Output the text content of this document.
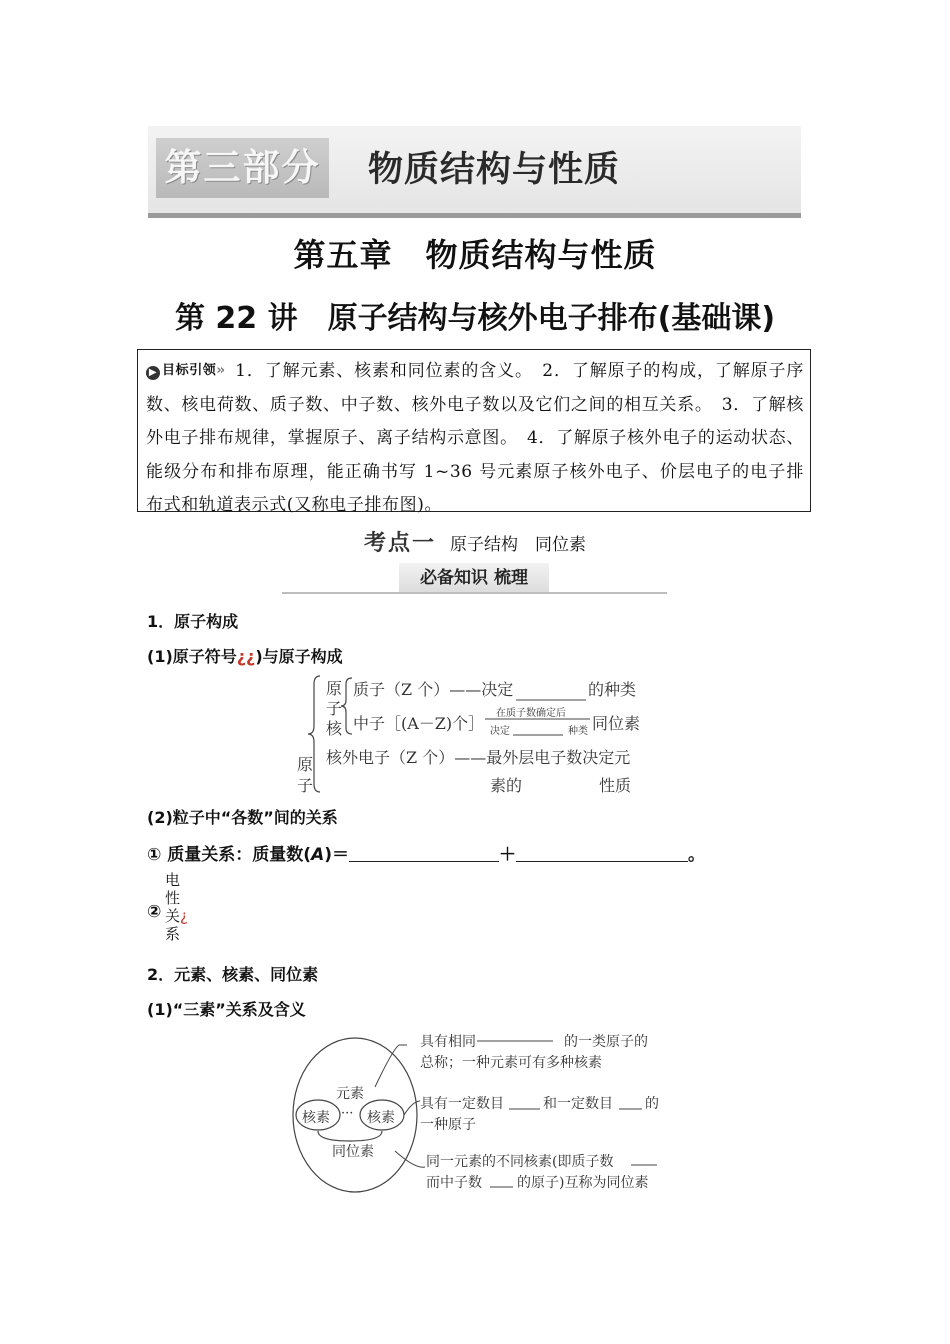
第三部分 物质结构与性质
第五章　物质结构与性质
第 22 讲　原子结构与核外电子排布(基础课)

▶ 目标引领›› 1．了解元素、核素和同位素的含义。　2．了解原子的构成，了解原子序数、核电荷数、质子数、中子数、核外电子数以及它们之间的相互关系。　3．了解核外电子排布规律，掌握原子、离子结构示意图。　4．了解原子核外电子的运动状态、能级分布和排布原理，能正确书写 1~36 号元素原子核外电子、价层电子的电子排布式和轨道表示式(又称电子排布图)。

考点一 原子结构　同位素
必备知识 梳理
1．原子构成
(1)原子符号¿¿)与原子构成
原
子
核
质子（Z 个）——决定	的种类
中子［(A－Z)个］
在质子数确定后
决定	种类 同位素
核外电子（Z 个）——最外层电子数决定元
素的	性质
原
子
(2)粒子中“各数”间的关系
① 质量关系：质量数(A)＝	＋	。
②
电
性
关¿
系
2．元素、核素、同位素
(1)“三素”关系及含义
元素
核素 ··· 核素
同位素
具有相同	的一类原子的
总称；一种元素可有多种核素
具有一定数目	和一定数目 的
一种原子
同一元素的不同核素(即质子数
而中子数	的原子)互称为同位素
